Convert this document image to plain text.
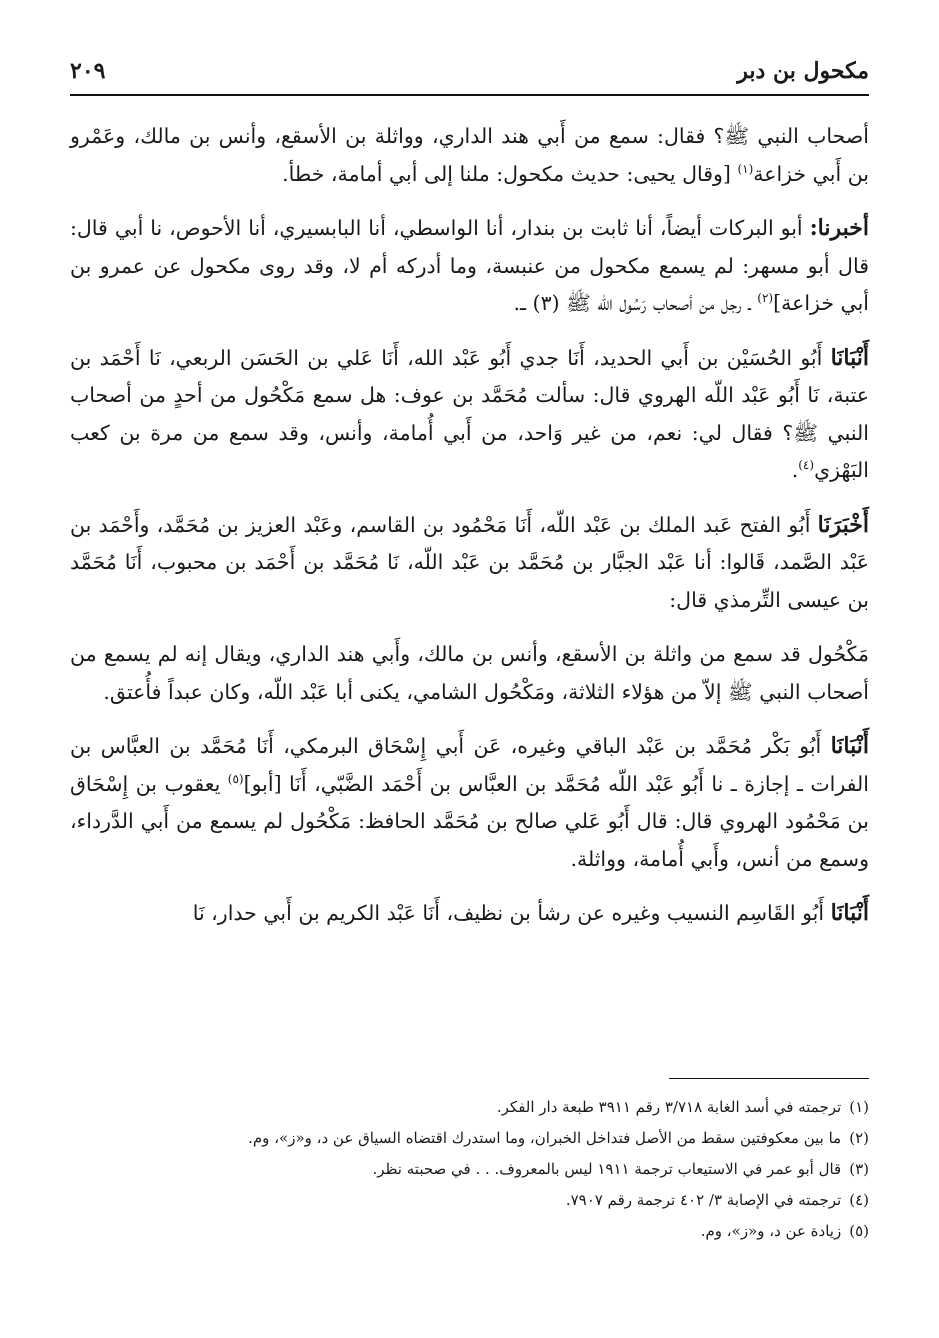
مكحول بن دبر
٢٠٩

أصحاب النبي ﷺ؟ فقال: سمع من أَبي هند الداري، وواثلة بن الأسقع، وأنس بن مالك، وعَمْرو بن أَبي خزاعة$^{(١)}$ [وقال يحيى: حديث مكحول: ملنا إلى أبي أمامة، خطأ.

أخبرنا: أبو البركات أيضاً، أنا ثابت بن بندار، أنا الواسطي، أنا البابسيري، أنا الأحوص، نا أبي قال: قال أبو مسهر: لم يسمع مكحول من عنبسة، وما أدركه أم لا، وقد روى مكحول عن عمرو بن أبي خزاعة]$^{(٢)}$ ـ رجل من أصحاب رَسُول الله ﷺ (٣) ـ.

أَنْبَانَا أَبُو الحُسَيْن بن أَبي الحديد، أَنَا جدي أَبُو عَبْد الله، أَنَا عَلي بن الحَسَن الربعي، نَا أَحْمَد بن عتبة، نَا أَبُو عَبْد اللّه الهروي قال: سألت مُحَمَّد بن عوف: هل سمع مَكْحُول من أحدٍ من أصحاب النبي ﷺ؟ فقال لي: نعم، من غير وَاحد، من أَبي أُمامة، وأنس، وقد سمع من مرة بن كعب البَهْزي$^{(٤)}$.

أَخْبَرَنَا أَبُو الفتح عَبد الملك بن عَبْد اللّه، أَنَا مَحْمُود بن القاسم، وعَبْد العزيز بن مُحَمَّد، وأَحْمَد بن عَبْد الصَّمد، قَالوا: أنا عَبْد الجبَّار بن مُحَمَّد بن عَبْد اللّه، نَا مُحَمَّد بن أَحْمَد بن محبوب، أَنَا مُحَمَّد بن عيسى التِّرمذي قال:

مَكْحُول قد سمع من واثلة بن الأسقع، وأنس بن مالك، وأَبي هند الداري، ويقال إنه لم يسمع من أصحاب النبي ﷺ إلاّ من هؤلاء الثلاثة، ومَكْحُول الشامي، يكنى أبا عَبْد اللّه، وكان عبداً فأُعتق.

أَنْبَانَا أَبُو بَكْر مُحَمَّد بن عَبْد الباقي وغيره، عَن أَبي إِسْحَاق البرمكي، أَنَا مُحَمَّد بن العبَّاس بن الفرات ـ إجازة ـ نا أَبُو عَبْد اللّه مُحَمَّد بن العبَّاس بن أَحْمَد الضَّبّي، أَنَا [أبو]$^{(٥)}$ يعقوب بن إِسْحَاق بن مَحْمُود الهروي قال: قال أَبُو عَلي صالح بن مُحَمَّد الحافظ: مَكْحُول لم يسمع من أَبي الدَّرداء، وسمع من أنس، وأَبي أُمامة، وواثلة.

أَنْبَانَا أَبُو القَاسِم النسيب وغيره عن رشأ بن نظيف، أَنَا عَبْد الكريم بن أَبي حدار، نَا

(١)ترجمته في أسد الغابة ٣/٧١٨ رقم ٣٩١١ طبعة دار الفكر.
(٢)ما بين معكوفتين سقط من الأصل فتداخل الخبران، وما استدرك اقتضاه السياق عن د، و«ز»، وم.
(٣)قال أبو عمر في الاستيعاب ترجمة ١٩١١ ليس بالمعروف. . . في صحبته نظر.
(٤)ترجمته في الإصابة ٣/ ٤٠٢ ترجمة رقم ٧٩٠٧.
(٥)زيادة عن د، و«ز»، وم.
